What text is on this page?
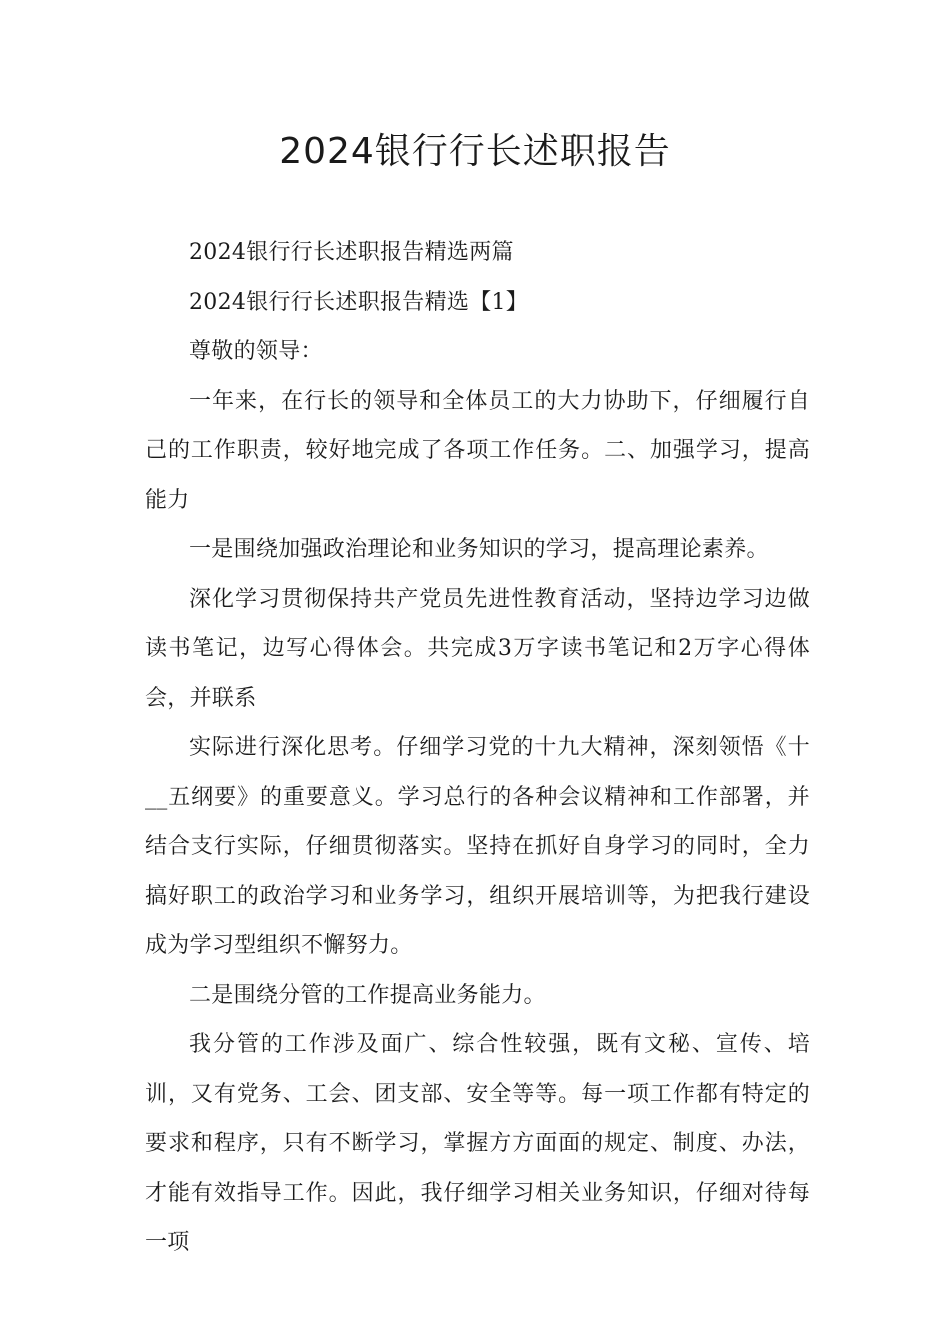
2024银行行长述职报告

2024银行行长述职报告精选两篇

2024银行行长述职报告精选【1】

尊敬的领导：

一年来，在行长的领导和全体员工的大力协助下，仔细履行自己的工作职责，较好地完成了各项工作任务。二、加强学习，提高能力

一是围绕加强政治理论和业务知识的学习，提高理论素养。

深化学习贯彻保持共产党员先进性教育活动，坚持边学习边做读书笔记，边写心得体会。共完成3万字读书笔记和2万字心得体会，并联系

实际进行深化思考。仔细学习党的十九大精神，深刻领悟《十__五纲要》的重要意义。学习总行的各种会议精神和工作部署，并结合支行实际，仔细贯彻落实。坚持在抓好自身学习的同时，全力搞好职工的政治学习和业务学习，组织开展培训等，为把我行建设成为学习型组织不懈努力。

二是围绕分管的工作提高业务能力。

我分管的工作涉及面广、综合性较强，既有文秘、宣传、培训，又有党务、工会、团支部、安全等等。每一项工作都有特定的要求和程序，只有不断学习，掌握方方面面的规定、制度、办法，才能有效指导工作。因此，我仔细学习相关业务知识，仔细对待每一项
